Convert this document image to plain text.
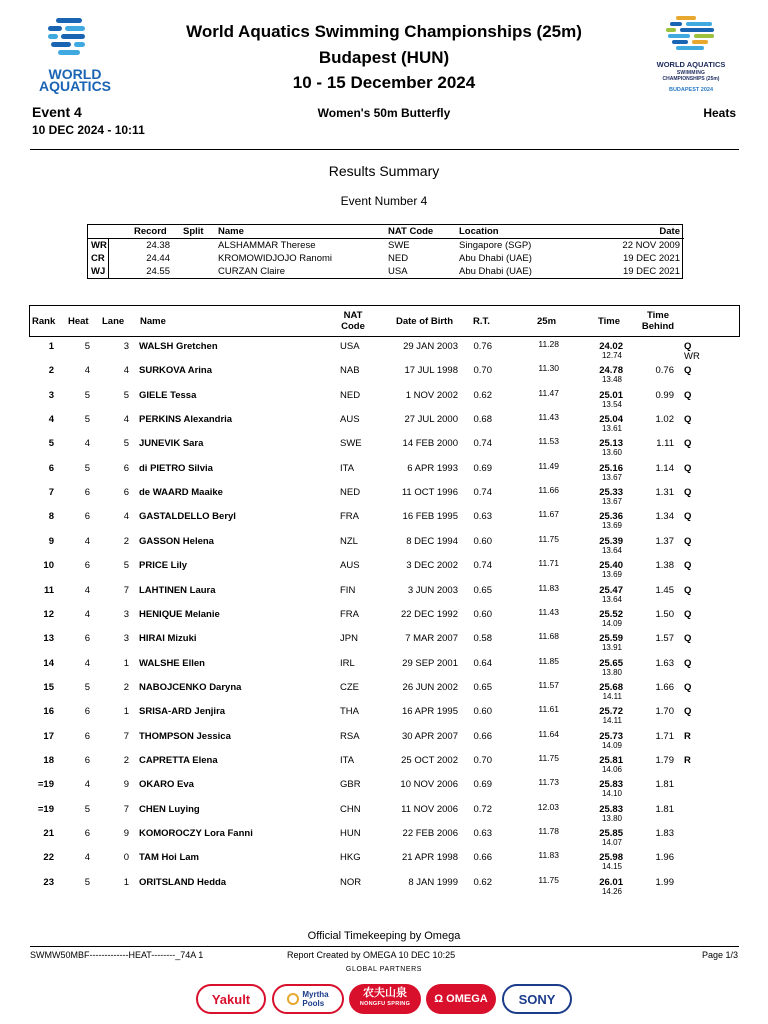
WORLD
AQUATICS
World Aquatics Swimming Championships (25m)
Budapest (HUN)
10 - 15 December 2024
WORLD AQUATICS
SWIMMING
CHAMPIONSHIPS (25m)
BUDAPEST 2024
Event 4
10 DEC 2024 - 10:11
Women's 50m Butterfly	Heats
Results Summary
Event Number 4
Record Split Name	NAT Code	Location	Date
WR	24.38	ALSHAMMAR Therese	SWE	Singapore (SGP)	22 NOV 2009
CR	24.44	KROMOWIDJOJO Ranomi	NED	Abu Dhabi (UAE)	19 DEC 2021
WJ	24.55	CURZAN Claire	USA	Abu Dhabi (UAE)	19 DEC 2021
Rank Heat Lane Name
NAT
Code	Date of Birth R.T.	25m	Time
Time
Behind
1	5	3 WALSH Gretchen	USA	29 JAN 2003	0.76	11.28	24.02
12.74
Q
WR
2	4	4 SURKOVA Arina	NAB	17 JUL 1998	0.70	11.30	24.78
13.48
0.76 Q
3	5	5 GIELE Tessa	NED	1 NOV 2002	0.62	11.47	25.01
13.54
0.99 Q
4	5	4 PERKINS Alexandria	AUS	27 JUL 2000	0.68	11.43	25.04
13.61
1.02 Q
5	4	5 JUNEVIK Sara	SWE	14 FEB 2000	0.74	11.53	25.13
13.60
1.11 Q
6	5	6 di PIETRO Silvia	ITA	6 APR 1993	0.69	11.49	25.16
13.67
1.14 Q
7	6	6 de WAARD Maaike	NED	11 OCT 1996	0.74	11.66	25.33
13.67
1.31 Q
8	6	4 GASTALDELLO Beryl	FRA	16 FEB 1995	0.63	11.67	25.36
13.69
1.34 Q
9	4	2 GASSON Helena	NZL	8 DEC 1994	0.60	11.75	25.39
13.64
1.37 Q
10	6	5 PRICE Lily	AUS	3 DEC 2002	0.74	11.71	25.40
13.69
1.38 Q
11	4	7 LAHTINEN Laura	FIN	3 JUN 2003	0.65	11.83	25.47
13.64
1.45 Q
12	4	3 HENIQUE Melanie	FRA	22 DEC 1992	0.60	11.43	25.52
14.09
1.50 Q
13	6	3 HIRAI Mizuki	JPN	7 MAR 2007	0.58	11.68	25.59
13.91
1.57 Q
14	4	1 WALSHE Ellen	IRL	29 SEP 2001	0.64	11.85	25.65
13.80
1.63 Q
15	5	2 NABOJCENKO Daryna	CZE	26 JUN 2002	0.65	11.57	25.68
14.11
1.66 Q
16	6	1 SRISA-ARD Jenjira	THA	16 APR 1995	0.60	11.61	25.72
14.11
1.70 Q
17	6	7 THOMPSON Jessica	RSA	30 APR 2007	0.66	11.64	25.73
14.09
1.71 R
18	6	2 CAPRETTA Elena	ITA	25 OCT 2002	0.70	11.75	25.81
14.06
1.79 R
=19	4	9 OKARO Eva	GBR	10 NOV 2006	0.69	11.73	25.83
14.10
1.81
=19	5	7 CHEN Luying	CHN	11 NOV 2006	0.72	12.03	25.83
13.80
1.81
21	6	9 KOMOROCZY Lora Fanni	HUN	22 FEB 2006	0.63	11.78	25.85
14.07
1.83
22	4	0 TAM Hoi Lam	HKG	21 APR 1998	0.66	11.83	25.98
14.15
1.96
23	5	1 ORITSLAND Hedda	NOR	8 JAN 1999	0.62	11.75	26.01
14.26
1.99
Official Timekeeping by Omega
SWMW50MBF-------------HEAT--------_74A 1	Report Created by OMEGA 10 DEC 10:25	Page 1/3
GLOBAL PARTNERS
Yakult	Myrtha
Pools
农夫山泉
NONGFU SPRING	Ω OMEGA	SONY
